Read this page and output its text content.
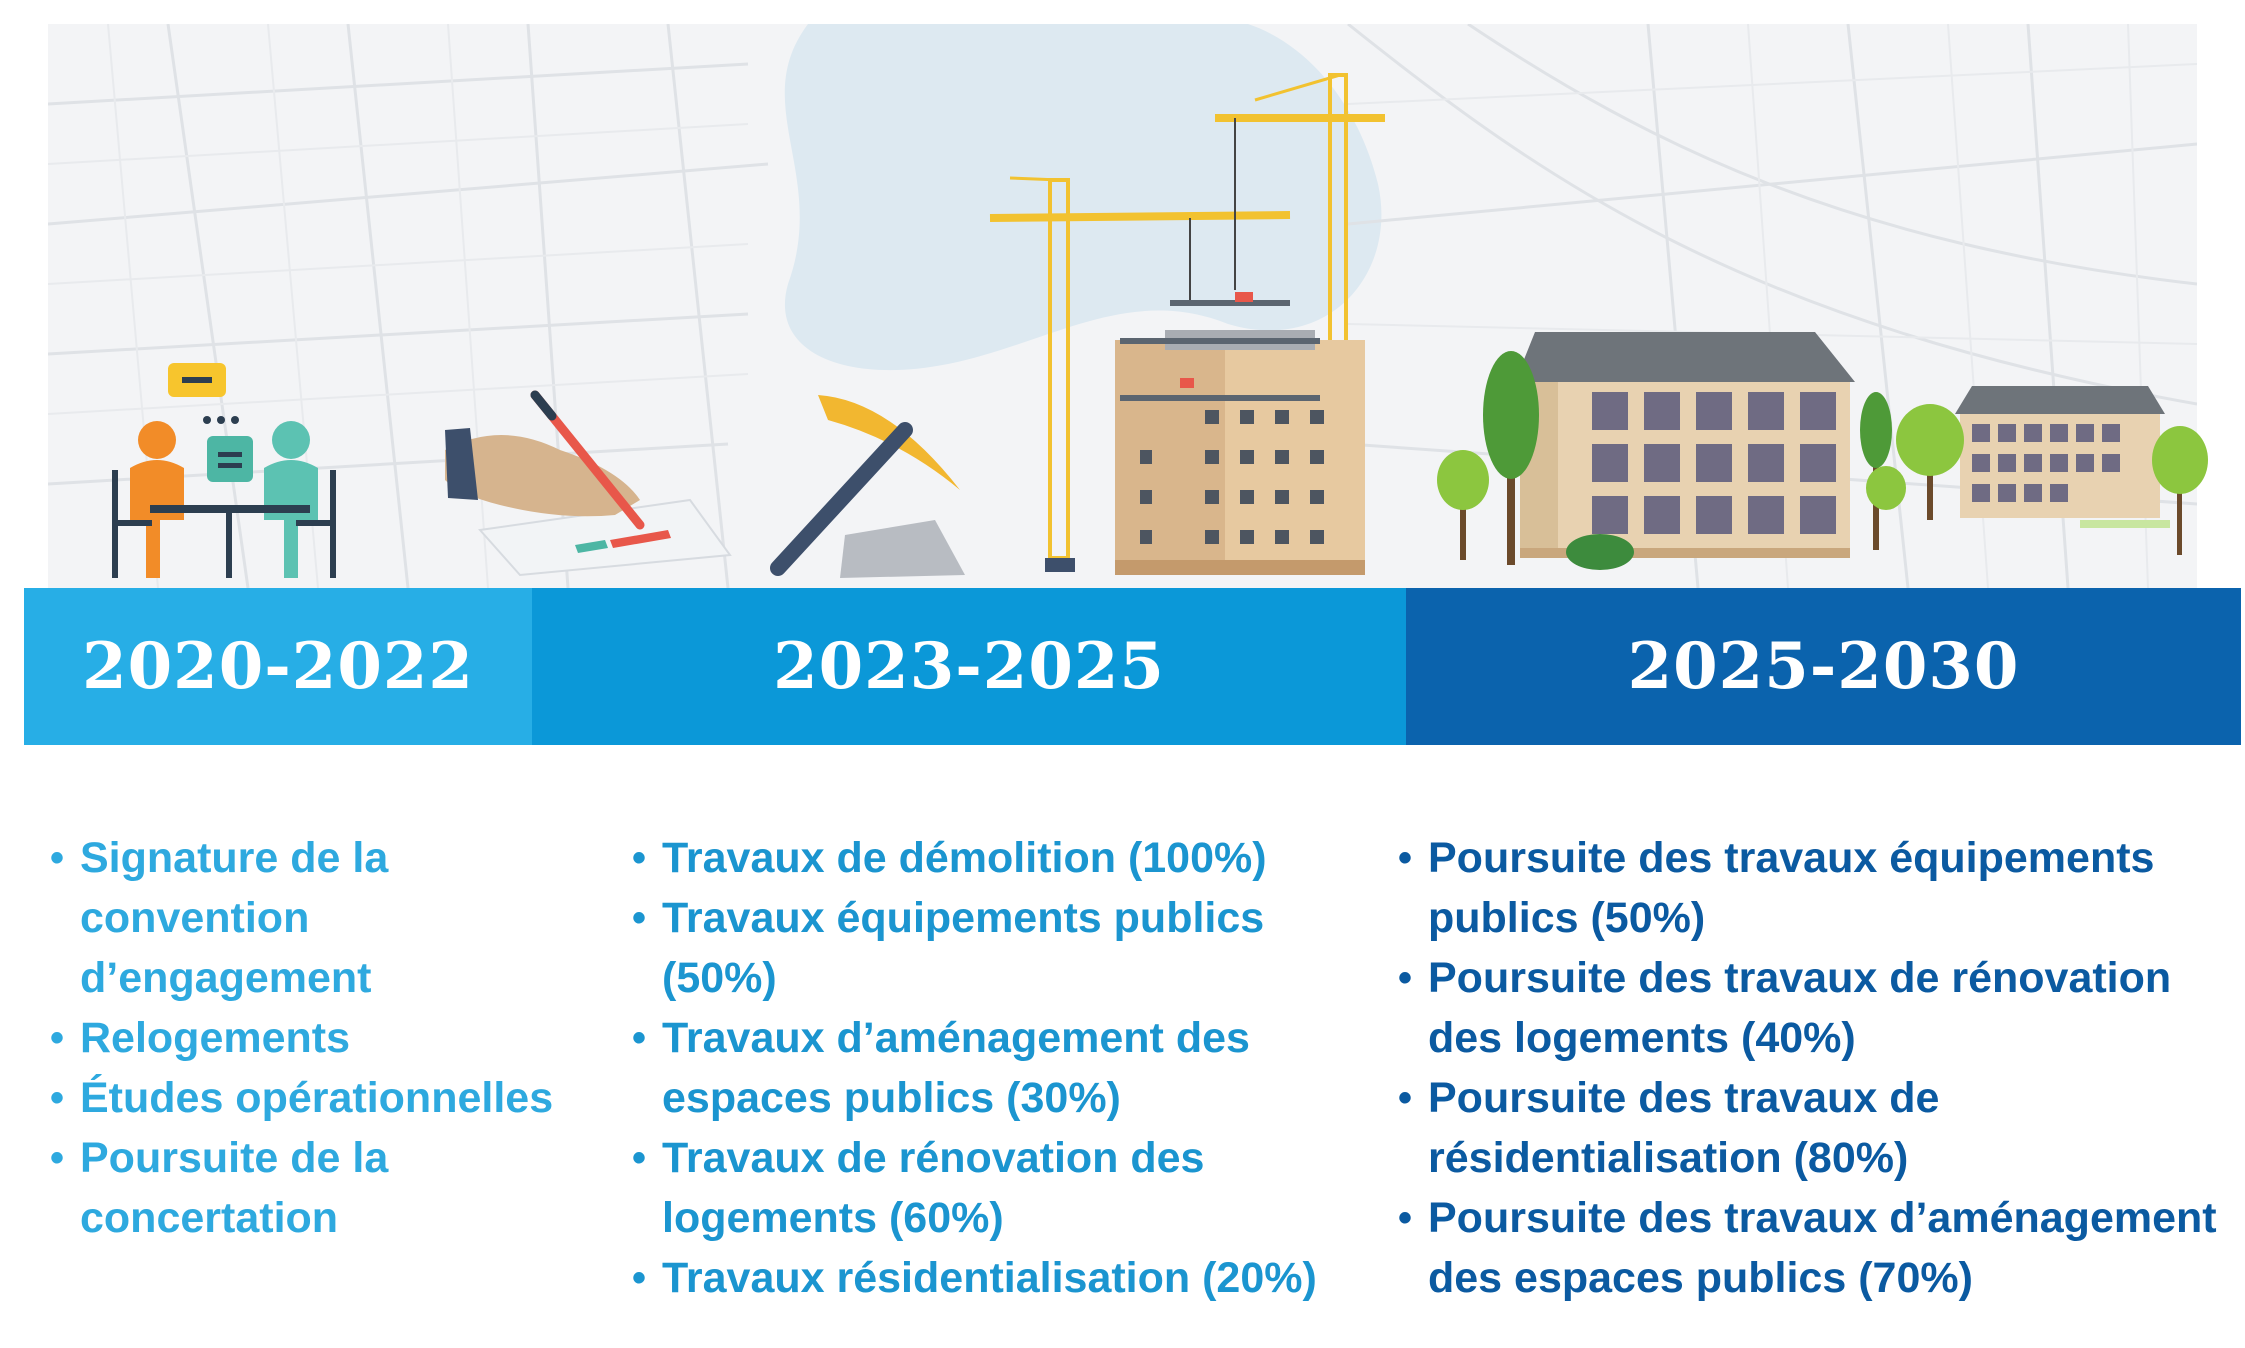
2020-2022	2023-2025	2025-2030
• Signature de la convention d’engagement
• Relogements
• Études opérationnelles
• Poursuite de la concertation
• Travaux de démolition (100%)
• Travaux équipements publics (50%)
• Travaux d’aménagement des espaces publics (30%)
• Travaux de rénovation des logements (60%)
• Travaux résidentialisation (20%)
• Poursuite des travaux équipements publics (50%)
• Poursuite des travaux de rénovation des logements (40%)
• Poursuite des travaux de résidentialisation (80%)
• Poursuite des travaux d’aménagement des espaces publics (70%)
